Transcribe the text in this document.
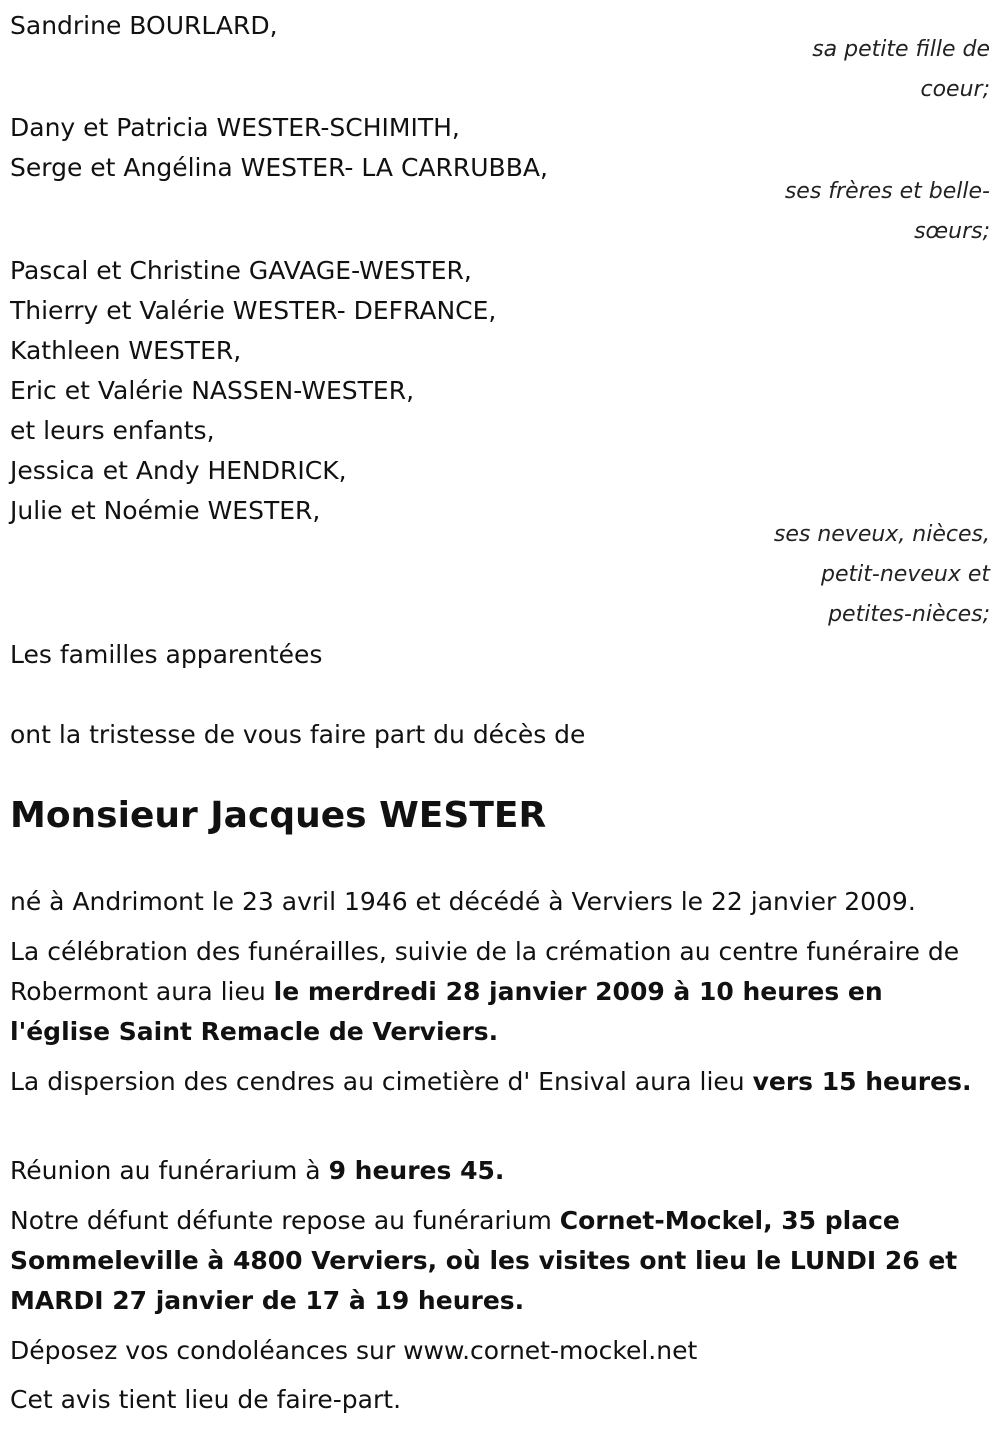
Sandrine BOURLARD,
sa petite fille de
coeur;
Dany et Patricia WESTER-SCHIMITH,
Serge et Angélina WESTER- LA CARRUBBA,
ses frères et belle-
sœurs;
Pascal et Christine GAVAGE-WESTER,
Thierry et Valérie WESTER- DEFRANCE,
Kathleen WESTER,
Eric et Valérie NASSEN-WESTER,
et leurs enfants,
Jessica et Andy HENDRICK,
Julie et Noémie WESTER,
ses neveux, nièces,
petit-neveux et
petites-nièces;
Les familles apparentées
ont la tristesse de vous faire part du décès de
Monsieur Jacques WESTER
né à Andrimont le 23 avril 1946 et décédé à Verviers le 22 janvier 2009.
La célébration des funérailles, suivie de la crémation au centre funéraire de Robermont aura lieu le merdredi 28 janvier 2009 à 10 heures en l'église Saint Remacle de Verviers.
La dispersion des cendres au cimetière d' Ensival aura lieu vers 15 heures.
Réunion au funérarium à 9 heures 45.
Notre défunt défunte repose au funérarium Cornet-Mockel, 35 place Sommeleville à 4800 Verviers, où les visites ont lieu le LUNDI 26 et MARDI 27 janvier de 17 à 19 heures.
Déposez vos condoléances sur www.cornet-mockel.net
Cet avis tient lieu de faire-part.
